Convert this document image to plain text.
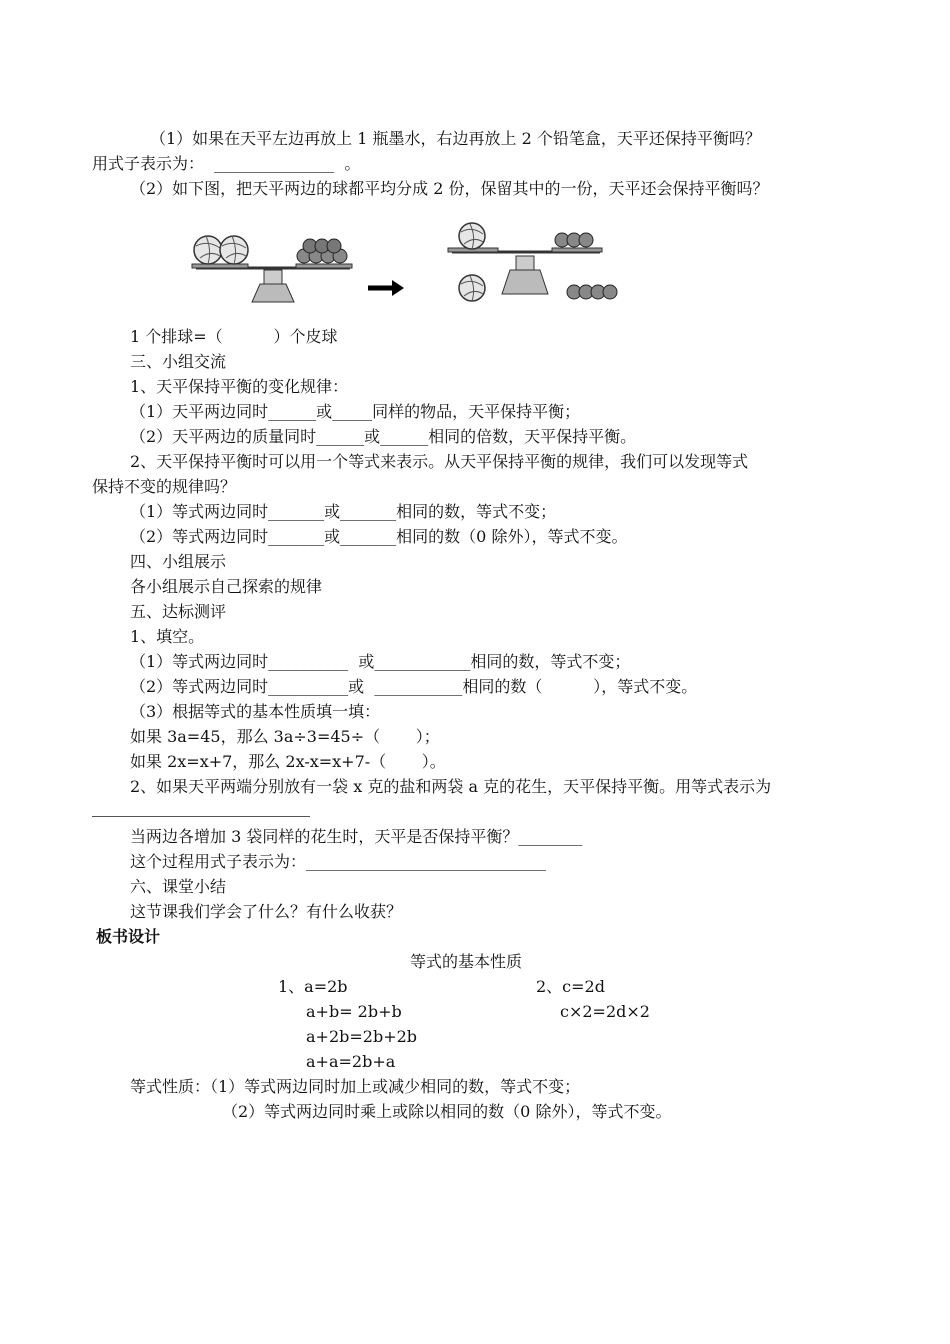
（1）如果在天平左边再放上 1 瓶墨水，右边再放上 2 个铅笔盒，天平还保持平衡吗？
用式子表示为：  _______________  。
（2）如下图，把天平两边的球都平均分成 2 份，保留其中的一份，天平还会保持平衡吗？
1 个排球=（          ）个皮球
三、小组交流
1、天平保持平衡的变化规律：
（1）天平两边同时______或_____同样的物品，天平保持平衡；
（2）天平两边的质量同时______或______相同的倍数，天平保持平衡。
2、天平保持平衡时可以用一个等式来表示。从天平保持平衡的规律，我们可以发现等式
保持不变的规律吗？
（1）等式两边同时_______或_______相同的数，等式不变；
（2）等式两边同时_______或_______相同的数（0 除外），等式不变。
四、小组展示
各小组展示自己探索的规律
五、达标测评
1、填空。
（1）等式两边同时__________  或____________相同的数，等式不变；
（2）等式两边同时__________或  ___________相同的数（          ），等式不变。
（3）根据等式的基本性质填一填：
如果 3a=45，那么 3a÷3=45÷（       ）；
如果 2x=x+7，那么 2x-x=x+7-（       ）。
2、如果天平两端分别放有一袋 x 克的盐和两袋 a 克的花生，天平保持平衡。用等式表示为
当两边各增加 3 袋同样的花生时，天平是否保持平衡？________
这个过程用式子表示为：______________________________
六、课堂小结
这节课我们学会了什么？有什么收获？
板书设计
等式的基本性质
1、a=2b	2、c=2d
a+b= 2b+b	c×2=2d×2
a+2b=2b+2b
a+a=2b+a
等式性质：（1）等式两边同时加上或减少相同的数，等式不变；
（2）等式两边同时乘上或除以相同的数（0 除外），等式不变。
